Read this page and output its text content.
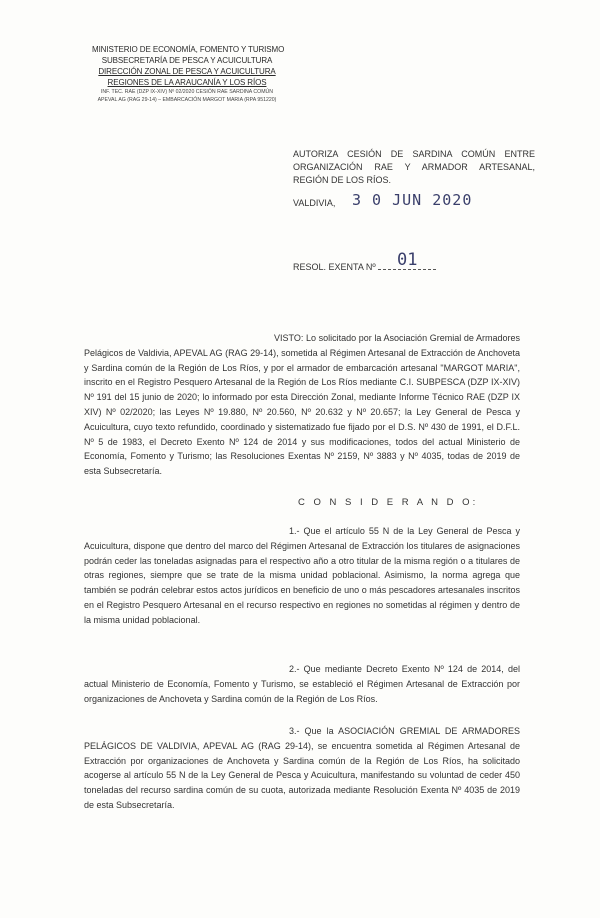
MINISTERIO DE ECONOMÍA, FOMENTO Y TURISMO
SUBSECRETARÍA DE PESCA Y ACUICULTURA
DIRECCIÓN ZONAL DE PESCA Y ACUICULTURA
REGIONES DE LA ARAUCANÍA Y LOS RÍOS
INF. TEC. RAE (DZP IX-XIV) Nº 02/2020 CESIÓN RAE SARDINA COMÚN
APEVAL AG (RAG 29-14) – EMBARCACIÓN MARGOT MARIA (RPA 951220)
AUTORIZA CESIÓN DE SARDINA COMÚN ENTRE ORGANIZACIÓN RAE Y ARMADOR ARTESANAL, REGIÓN DE LOS RÍOS.
VALDIVIA, 3 0 JUN 2020
RESOL. EXENTA Nº	01
VISTO: Lo solicitado por la Asociación Gremial de Armadores Pelágicos de Valdivia, APEVAL AG (RAG 29-14), sometida al Régimen Artesanal de Extracción de Anchoveta y Sardina común de la Región de Los Ríos, y por el armador de embarcación artesanal "MARGOT MARIA", inscrito en el Registro Pesquero Artesanal de la Región de Los Ríos mediante C.I. SUBPESCA (DZP IX-XIV) Nº 191 del 15 junio de 2020; lo informado por esta Dirección Zonal, mediante Informe Técnico RAE (DZP IX XIV) Nº 02/2020; las Leyes Nº 19.880, Nº 20.560, Nº 20.632 y Nº 20.657; la Ley General de Pesca y Acuicultura, cuyo texto refundido, coordinado y sistematizado fue fijado por el D.S. Nº 430 de 1991, el D.F.L. Nº 5 de 1983, el Decreto Exento Nº 124 de 2014 y sus modificaciones, todos del actual Ministerio de Economía, Fomento y Turismo; las Resoluciones Exentas Nº 2159, Nº 3883 y Nº 4035, todas de 2019 de esta Subsecretaría.
C O N S I D E R A N D O:
1.- Que el artículo 55 N de la Ley General de Pesca y Acuicultura, dispone que dentro del marco del Régimen Artesanal de Extracción los titulares de asignaciones podrán ceder las toneladas asignadas para el respectivo año a otro titular de la misma región o a titulares de otras regiones, siempre que se trate de la misma unidad poblacional. Asimismo, la norma agrega que también se podrán celebrar estos actos jurídicos en beneficio de uno o más pescadores artesanales inscritos en el Registro Pesquero Artesanal en el recurso respectivo en regiones no sometidas al régimen y dentro de la misma unidad poblacional.
2.- Que mediante Decreto Exento Nº 124 de 2014, del actual Ministerio de Economía, Fomento y Turismo, se estableció el Régimen Artesanal de Extracción por organizaciones de Anchoveta y Sardina común de la Región de Los Ríos.
3.- Que la ASOCIACIÓN GREMIAL DE ARMADORES PELÁGICOS DE VALDIVIA, APEVAL AG (RAG 29-14), se encuentra sometida al Régimen Artesanal de Extracción por organizaciones de Anchoveta y Sardina común de la Región de Los Ríos, ha solicitado acogerse al artículo 55 N de la Ley General de Pesca y Acuicultura, manifestando su voluntad de ceder 450 toneladas del recurso sardina común de su cuota, autorizada mediante Resolución Exenta Nº 4035 de 2019 de esta Subsecretaría.
